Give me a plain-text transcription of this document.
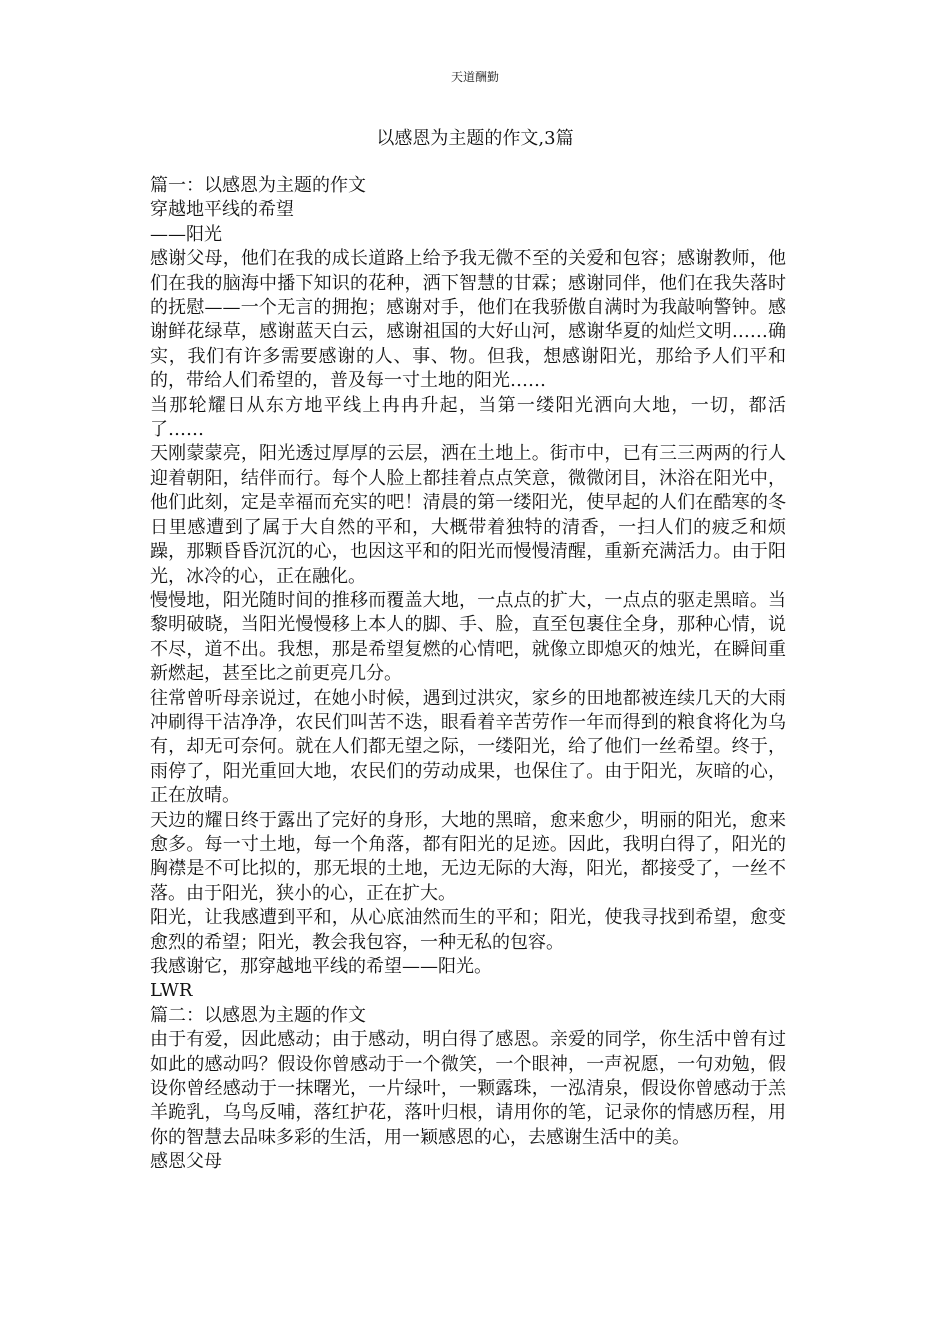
天道酬勤
以感恩为主题的作文,3篇

篇一：以感恩为主题的作文

穿越地平线的希望

——阳光

感谢父母，他们在我的成长道路上给予我无微不至的关爱和包容；感谢教师，他们在我的脑海中播下知识的花种，洒下智慧的甘霖；感谢同伴，他们在我失落时的抚慰——一个无言的拥抱；感谢对手，他们在我骄傲自满时为我敲响警钟。感谢鲜花绿草，感谢蓝天白云，感谢祖国的大好山河，感谢华夏的灿烂文明……确实，我们有许多需要感谢的人、事、物。但我，想感谢阳光，那给予人们平和的，带给人们希望的，普及每一寸土地的阳光……

当那轮耀日从东方地平线上冉冉升起，当第一缕阳光洒向大地，一切，都活了……

天刚蒙蒙亮，阳光透过厚厚的云层，洒在土地上。街市中，已有三三两两的行人迎着朝阳，结伴而行。每个人脸上都挂着点点笑意，微微闭目，沐浴在阳光中，他们此刻，定是幸福而充实的吧！清晨的第一缕阳光，使早起的人们在酷寒的冬日里感遭到了属于大自然的平和，大概带着独特的清香，一扫人们的疲乏和烦躁，那颗昏昏沉沉的心，也因这平和的阳光而慢慢清醒，重新充满活力。由于阳光，冰冷的心，正在融化。

慢慢地，阳光随时间的推移而覆盖大地，一点点的扩大，一点点的驱走黑暗。当黎明破晓，当阳光慢慢移上本人的脚、手、脸，直至包裹住全身，那种心情，说不尽，道不出。我想，那是希望复燃的心情吧，就像立即熄灭的烛光，在瞬间重新燃起，甚至比之前更亮几分。

往常曾听母亲说过，在她小时候，遇到过洪灾，家乡的田地都被连续几天的大雨冲刷得干洁净净，农民们叫苦不迭，眼看着辛苦劳作一年而得到的粮食将化为乌有，却无可奈何。就在人们都无望之际，一缕阳光，给了他们一丝希望。终于，雨停了，阳光重回大地，农民们的劳动成果，也保住了。由于阳光，灰暗的心，正在放晴。

天边的耀日终于露出了完好的身形，大地的黑暗，愈来愈少，明丽的阳光，愈来愈多。每一寸土地，每一个角落，都有阳光的足迹。因此，我明白得了，阳光的胸襟是不可比拟的，那无垠的土地，无边无际的大海，阳光，都接受了，一丝不落。由于阳光，狭小的心，正在扩大。

阳光，让我感遭到平和，从心底油然而生的平和；阳光，使我寻找到希望，愈变愈烈的希望；阳光，教会我包容，一种无私的包容。

我感谢它，那穿越地平线的希望——阳光。

LWR

篇二：以感恩为主题的作文

由于有爱，因此感动；由于感动，明白得了感恩。亲爱的同学，你生活中曾有过如此的感动吗？假设你曾感动于一个微笑，一个眼神，一声祝愿，一句劝勉，假设你曾经感动于一抹曙光，一片绿叶，一颗露珠，一泓清泉，假设你曾感动于羔羊跪乳，乌鸟反哺，落红护花，落叶归根，请用你的笔，记录你的情感历程，用你的智慧去品味多彩的生活，用一颖感恩的心，去感谢生活中的美。

感恩父母
